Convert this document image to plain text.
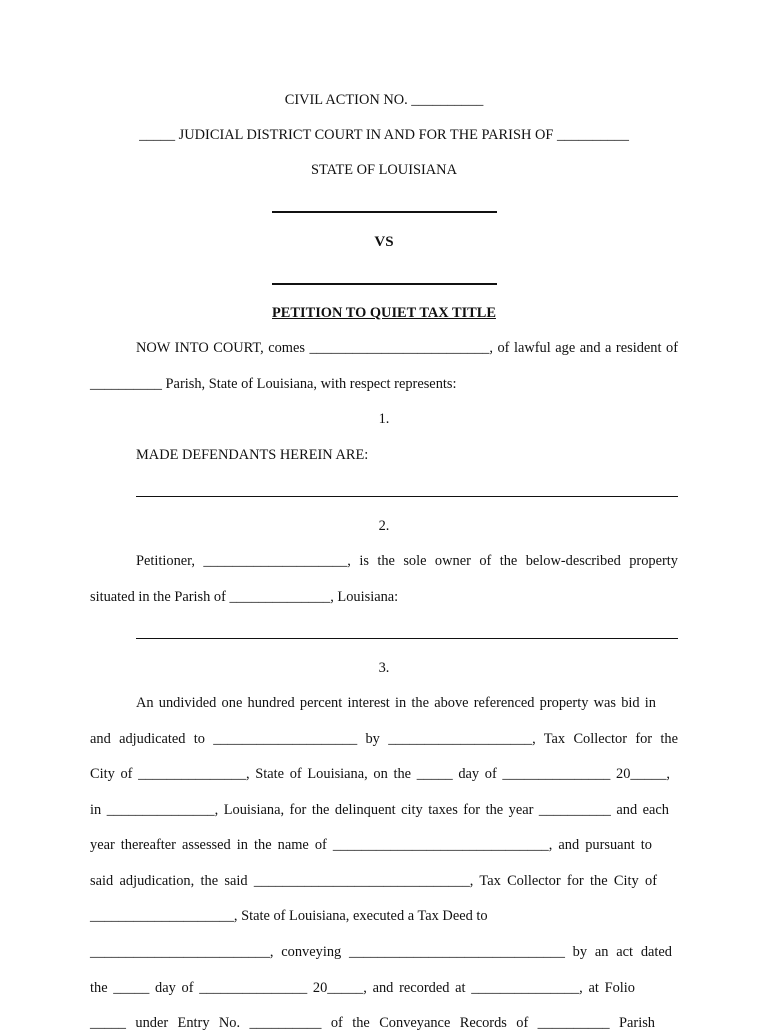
CIVIL ACTION NO. __________
_____ JUDICIAL DISTRICT COURT IN AND FOR THE PARISH OF __________
STATE OF LOUISIANA
VS
PETITION TO QUIET TAX TITLE
NOW INTO COURT, comes _________________________, of lawful age and a resident of
__________ Parish, State of Louisiana, with respect represents:
1.
MADE DEFENDANTS HEREIN ARE:
2.
Petitioner, ____________________, is the sole owner of the below-described property
situated in the Parish of ______________, Louisiana:
3.
An undivided one hundred percent interest in the above referenced property was bid in
and adjudicated to ____________________ by ____________________, Tax Collector for the
City of _______________, State of Louisiana, on the _____ day of _______________ 20_____,
in _______________, Louisiana, for the delinquent city taxes for the year __________ and each
year thereafter assessed in the name of ______________________________, and pursuant to
said adjudication, the said ______________________________, Tax Collector for the City of
____________________, State of Louisiana, executed a Tax Deed to
_________________________, conveying ______________________________ by an act dated
the _____ day of _______________ 20_____, and recorded at _______________, at Folio
_____ under Entry No. __________ of the Conveyance Records of __________ Parish
